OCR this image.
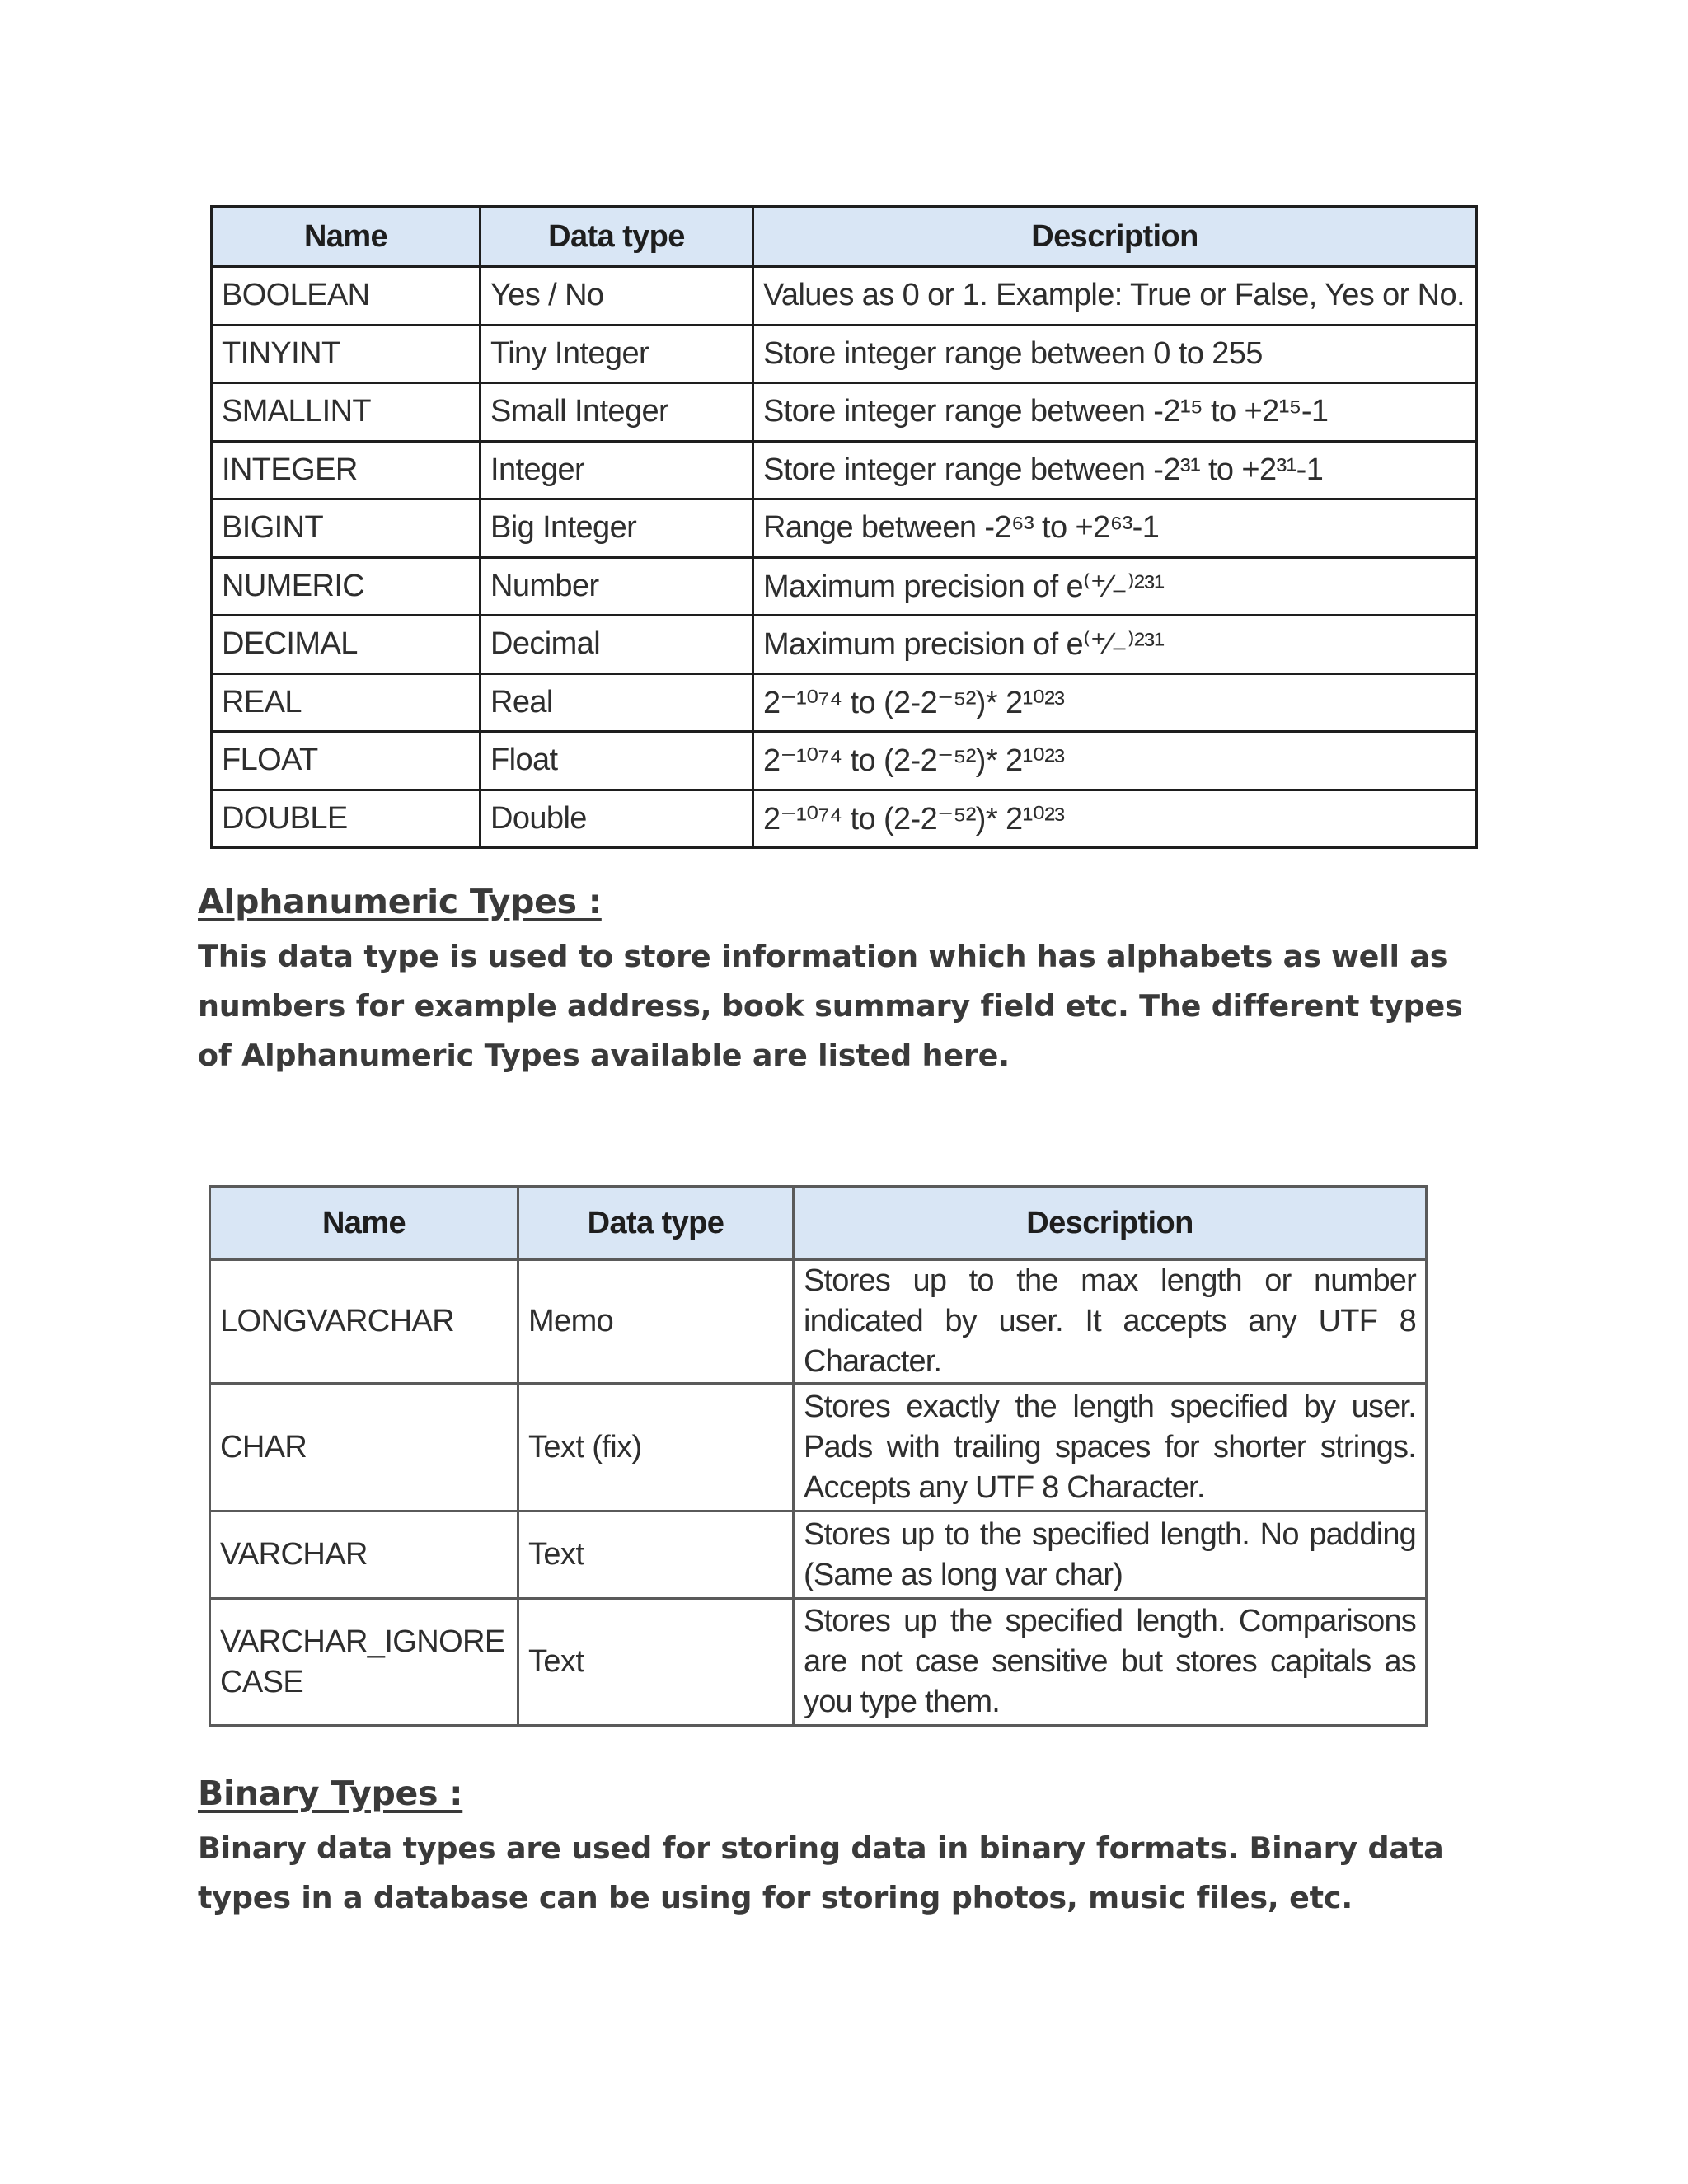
Name	Data type	Description
BOOLEAN	Yes / No	Values as 0 or 1. Example: True or False, Yes or No.
TINYINT	Tiny Integer	Store integer range between 0 to 255
SMALLINT	Small Integer	Store integer range between -2¹⁵ to +2¹⁵-1
INTEGER	Integer	Store integer range between -2³¹ to +2³¹-1
BIGINT	Big Integer	Range between -2⁶³ to +2⁶³-1
NUMERIC	Number	Maximum precision of e⁽⁺⁄₋⁾²³¹
DECIMAL	Decimal	Maximum precision of e⁽⁺⁄₋⁾²³¹
REAL	Real	2⁻¹⁰⁷⁴ to (2-2⁻⁵²)* 2¹⁰²³
FLOAT	Float	2⁻¹⁰⁷⁴ to (2-2⁻⁵²)* 2¹⁰²³
DOUBLE	Double	2⁻¹⁰⁷⁴ to (2-2⁻⁵²)* 2¹⁰²³
Alphanumeric Types :
This data type is used to store information which has alphabets as well as numbers for example address, book summary field etc. The different types of Alphanumeric Types available are listed here.
Name	Data type	Description
LONGVARCHAR	Memo	Stores up to the max length or number indicated by user. It accepts any UTF 8 Character.
CHAR	Text (fix)	Stores exactly the length specified by user. Pads with trailing spaces for shorter strings. Accepts any UTF 8 Character.
VARCHAR	Text	Stores up to the specified length. No padding (Same as long var char)
VARCHAR_IGNORE CASE	Text	Stores up the specified length. Comparisons are not case sensitive but stores capitals as you type them.
Binary Types :
Binary data types are used for storing data in binary formats. Binary data types in a database can be using for storing photos, music files, etc.
